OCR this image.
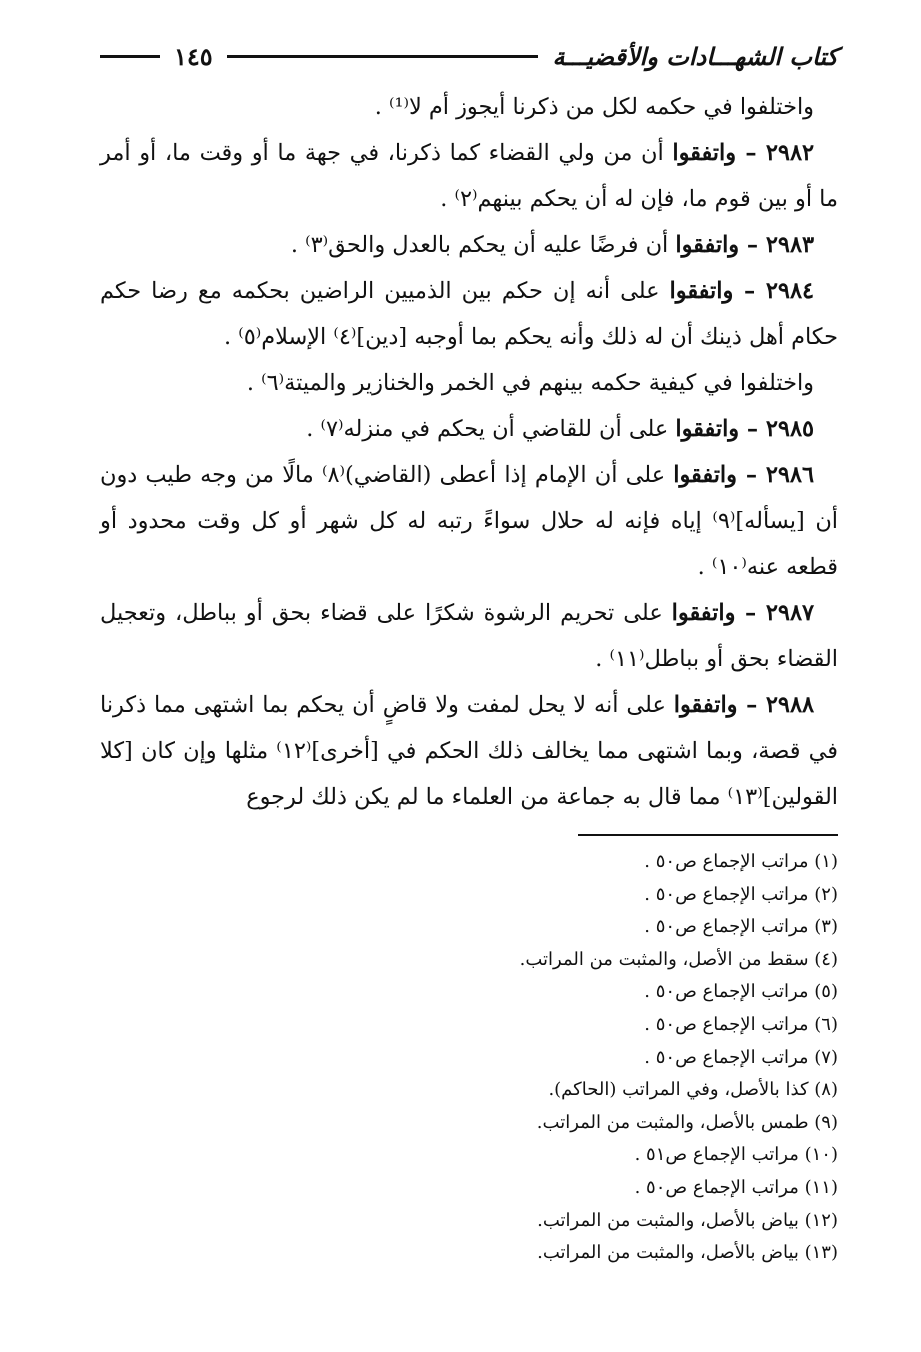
كتاب الشهـــادات والأقضيـــة
١٤٥

واختلفوا في حكمه لكل من ذكرنا أيجوز أم لا⁽¹⁾ .

٢٩٨٢ – واتفقوا أن من ولي القضاء كما ذكرنا، في جهة ما أو وقت ما، أو أمر ما أو بين قوم ما، فإن له أن يحكم بينهم⁽٢⁾ .

٢٩٨٣ – واتفقوا أن فرضًا عليه أن يحكم بالعدل والحق⁽٣⁾ .

٢٩٨٤ – واتفقوا على أنه إن حكم بين الذميين الراضين بحكمه مع رضا حكم حكام أهل ذينك أن له ذلك وأنه يحكم بما أوجبه [دين]⁽٤⁾ الإسلام⁽٥⁾ .

واختلفوا في كيفية حكمه بينهم في الخمر والخنازير والميتة⁽٦⁾ .

٢٩٨٥ – واتفقوا على أن للقاضي أن يحكم في منزله⁽٧⁾ .

٢٩٨٦ – واتفقوا على أن الإمام إذا أعطى (القاضي)⁽٨⁾ مالًا من وجه طيب دون أن [يسأله]⁽٩⁾ إياه فإنه له حلال سواءً رتبه له كل شهر أو كل وقت محدود أو قطعه عنه⁽١٠⁾ .

٢٩٨٧ – واتفقوا على تحريم الرشوة شكرًا على قضاء بحق أو بباطل، وتعجيل القضاء بحق أو بباطل⁽١١⁾ .

٢٩٨٨ – واتفقوا على أنه لا يحل لمفت ولا قاضٍ أن يحكم بما اشتهى مما ذكرنا في قصة، وبما اشتهى مما يخالف ذلك الحكم في [أخرى]⁽١٢⁾ مثلها وإن كان [كلا القولين]⁽١٣⁾ مما قال به جماعة من العلماء ما لم يكن ذلك لرجوع

(١) مراتب الإجماع ص٥٠ .
(٢) مراتب الإجماع ص٥٠ .
(٣) مراتب الإجماع ص٥٠ .
(٤) سقط من الأصل، والمثبت من المراتب.
(٥) مراتب الإجماع ص٥٠ .
(٦) مراتب الإجماع ص٥٠ .
(٧) مراتب الإجماع ص٥٠ .
(٨) كذا بالأصل، وفي المراتب (الحاكم).
(٩) طمس بالأصل، والمثبت من المراتب.
(١٠) مراتب الإجماع ص٥١ .
(١١) مراتب الإجماع ص٥٠ .
(١٢) بياض بالأصل، والمثبت من المراتب.
(١٣) بياض بالأصل، والمثبت من المراتب.
